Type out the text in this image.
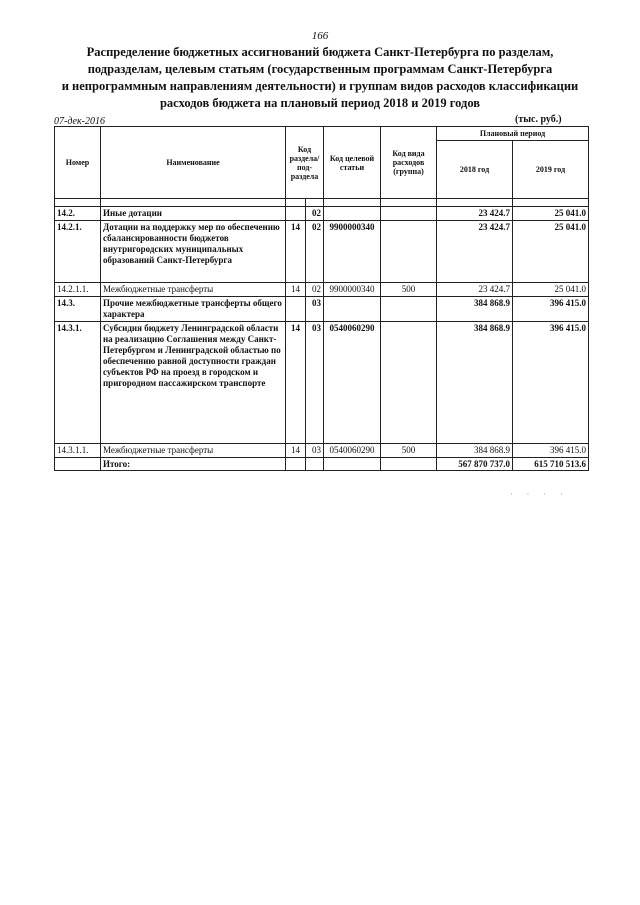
166
Распределение бюджетных ассигнований бюджета Санкт-Петербурга по разделам,
подразделам, целевым статьям (государственным программам Санкт-Петербурга
и непрограммным направлениям деятельности) и группам видов расходов классификации
расходов бюджета на плановый период 2018 и 2019 годов
07-дек-2016	(тыс. руб.)
Номер	Наименование	Код раздела/ под- раздела		Код целевой статьи	Код вида расходов (группа)	Плановый период	
						2018 год	2019 год

14.2.	Иные дотации		02			23 424.7	25 041.0
14.2.1.	Дотации на поддержку мер по обеспечению сбалансированности бюджетов внутригородских муниципальных образований Санкт-Петербурга	14	02	9900000340		23 424.7	25 041.0
14.2.1.1.	Межбюджетные трансферты	14	02	9900000340	500	23 424.7	25 041.0
14.3.	Прочие межбюджетные трансферты общего характера		03			384 868.9	396 415.0
14.3.1.	Субсидия бюджету Ленинградской области на реализацию Соглашения между Санкт-Петербургом и Ленинградской областью по обеспечению равной доступности граждан субъектов РФ на проезд в городском и пригородном пассажирском транспорте	14	03	0540060290		384 868.9	396 415.0
14.3.1.1.	Межбюджетные трансферты	14	03	0540060290	500	384 868.9	396 415.0
	Итого:					567 870 737.0	615 710 513.6
· · · ·
